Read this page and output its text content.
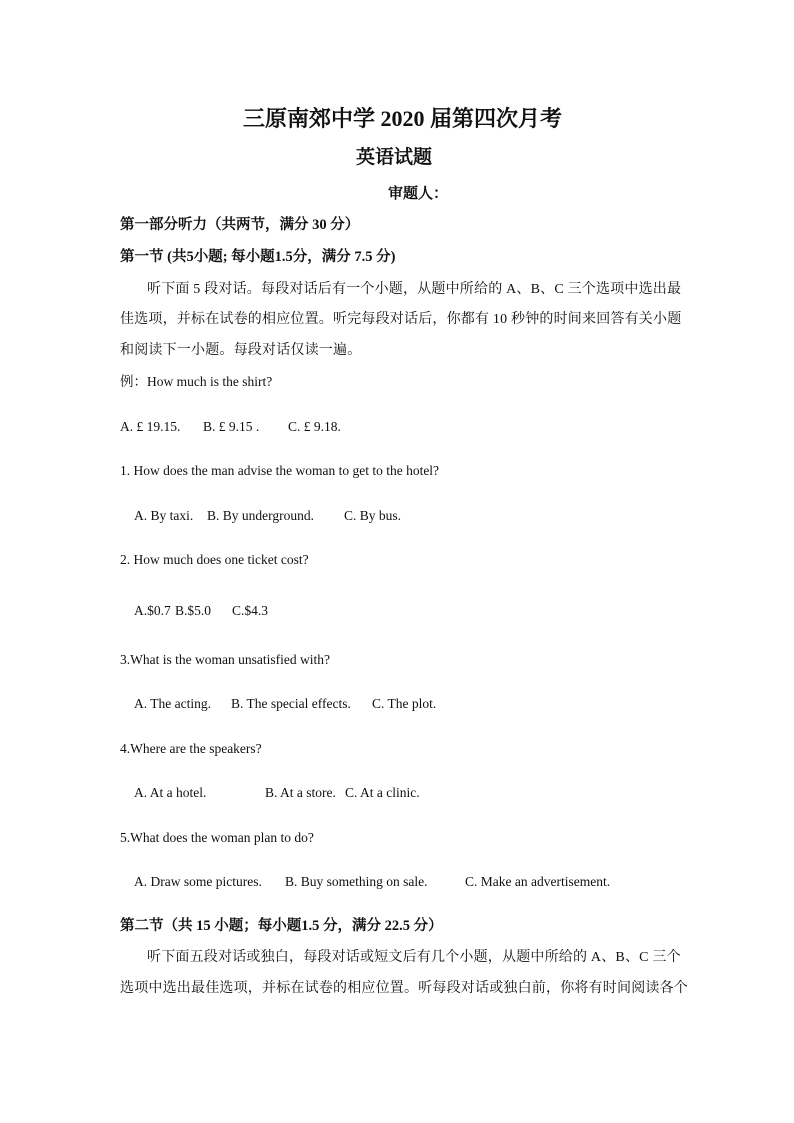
三原南郊中学 2020 届第四次月考
英语试题
审题人：
第一部分听力（共两节，满分 30 分）
第一节 (共5小题; 每小题1.5分，满分 7.5 分)
听下面 5 段对话。每段对话后有一个小题，从题中所给的 A、B、C 三个选项中选出最
佳选项，并标在试卷的相应位置。听完每段对话后，你都有 10 秒钟的时间来回答有关小题
和阅读下一小题。每段对话仅读一遍。
例：How much is the shirt?
A. £ 19.15. B. £ 9.15 . C. £ 9.18.
1. How does the man advise the woman to get to the hotel?
A. By taxi. B. By underground. C. By bus.
2. How much does one ticket cost?
A.$0.7 B.$5.0 C.$4.3
3.What is the woman unsatisfied with?
A. The acting. B. The special effects. C. The plot.
4.Where are the speakers?
A. At a hotel.	B. At a store. C. At a clinic.
5.What does the woman plan to do?
A. Draw some pictures. B. Buy something on sale.	C. Make an advertisement.
第二节（共 15 小题；每小题1.5 分，满分 22.5 分）
听下面五段对话或独白，每段对话或短文后有几个小题，从题中所给的 A、B、C 三个
选项中选出最佳选项，并标在试卷的相应位置。听每段对话或独白前，你将有时间阅读各个
